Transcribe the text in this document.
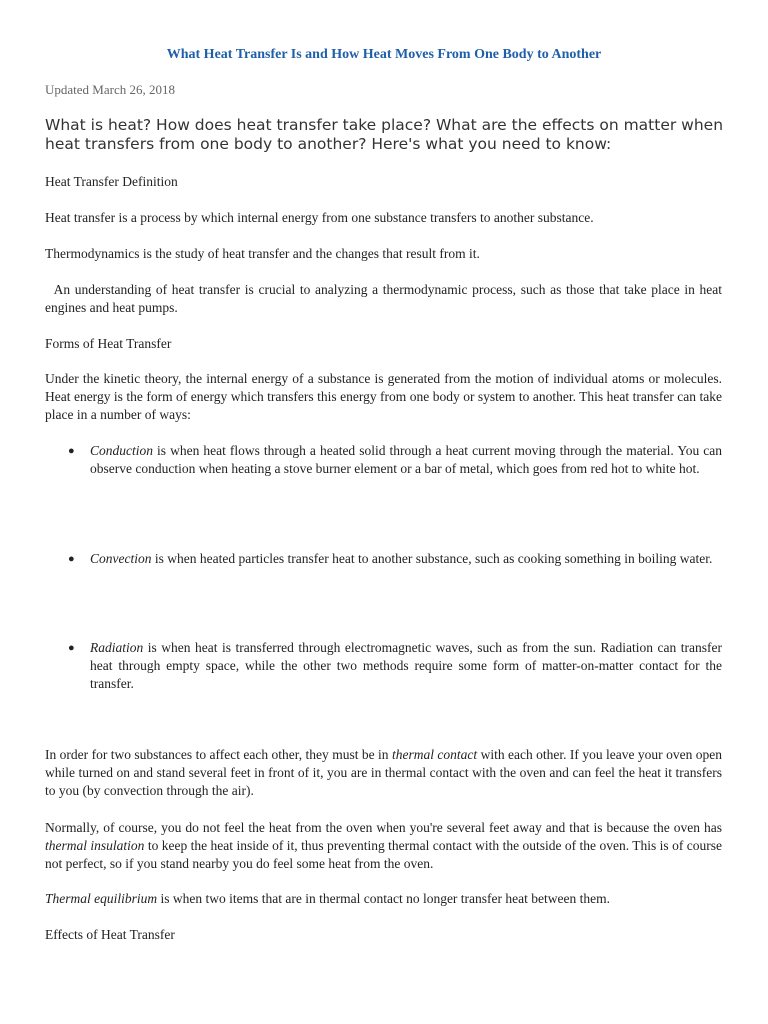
What Heat Transfer Is and How Heat Moves From One Body to Another

Updated March 26, 2018

What is heat? How does heat transfer take place? What are the effects on matter when heat transfers from one body to another? Here's what you need to know:

Heat Transfer Definition

Heat transfer is a process by which internal energy from one substance transfers to another substance.

Thermodynamics is the study of heat transfer and the changes that result from it.

An understanding of heat transfer is crucial to analyzing a thermodynamic process, such as those that take place in heat engines and heat pumps.

Forms of Heat Transfer

Under the kinetic theory, the internal energy of a substance is generated from the motion of individual atoms or molecules. Heat energy is the form of energy which transfers this energy from one body or system to another. This heat transfer can take place in a number of ways:

● Conduction is when heat flows through a heated solid through a heat current moving through the material. You can observe conduction when heating a stove burner element or a bar of metal, which goes from red hot to white hot.

● Convection is when heated particles transfer heat to another substance, such as cooking something in boiling water.

● Radiation is when heat is transferred through electromagnetic waves, such as from the sun. Radiation can transfer heat through empty space, while the other two methods require some form of matter-on-matter contact for the transfer.

In order for two substances to affect each other, they must be in thermal contact with each other. If you leave your oven open while turned on and stand several feet in front of it, you are in thermal contact with the oven and can feel the heat it transfers to you (by convection through the air).

Normally, of course, you do not feel the heat from the oven when you're several feet away and that is because the oven has thermal insulation to keep the heat inside of it, thus preventing thermal contact with the outside of the oven. This is of course not perfect, so if you stand nearby you do feel some heat from the oven.

Thermal equilibrium is when two items that are in thermal contact no longer transfer heat between them.

Effects of Heat Transfer
